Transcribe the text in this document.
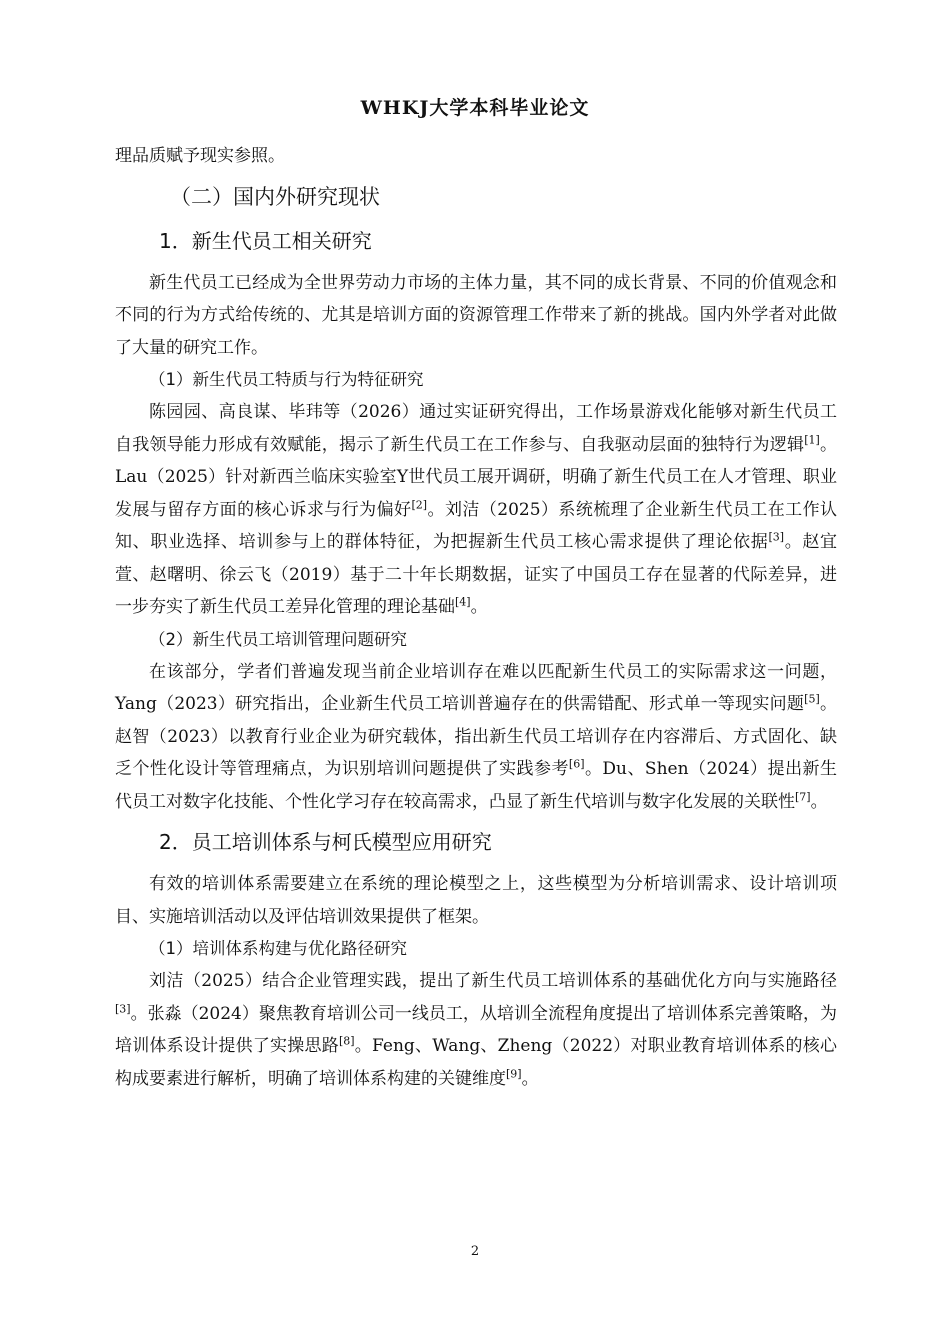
WHKJ大学本科毕业论文

理品质赋予现实参照。

（二）国内外研究现状
1．新生代员工相关研究

新生代员工已经成为全世界劳动力市场的主体力量，其不同的成长背景、不同的价值观念和不同的行为方式给传统的、尤其是培训方面的资源管理工作带来了新的挑战。国内外学者对此做了大量的研究工作。

（1）新生代员工特质与行为特征研究

陈园园、高良谋、毕玮等（2026）通过实证研究得出，工作场景游戏化能够对新生代员工自我领导能力形成有效赋能，揭示了新生代员工在工作参与、自我驱动层面的独特行为逻辑[1]。Lau（2025）针对新西兰临床实验室Y世代员工展开调研，明确了新生代员工在人才管理、职业发展与留存方面的核心诉求与行为偏好[2]。刘洁（2025）系统梳理了企业新生代员工在工作认知、职业选择、培训参与上的群体特征，为把握新生代员工核心需求提供了理论依据[3]。赵宜萱、赵曙明、徐云飞（2019）基于二十年长期数据，证实了中国员工存在显著的代际差异，进一步夯实了新生代员工差异化管理的理论基础[4]。

（2）新生代员工培训管理问题研究

在该部分，学者们普遍发现当前企业培训存在难以匹配新生代员工的实际需求这一问题，Yang（2023）研究指出，企业新生代员工培训普遍存在的供需错配、形式单一等现实问题[5]。赵智（2023）以教育行业企业为研究载体，指出新生代员工培训存在内容滞后、方式固化、缺乏个性化设计等管理痛点，为识别培训问题提供了实践参考[6]。Du、Shen（2024）提出新生代员工对数字化技能、个性化学习存在较高需求，凸显了新生代培训与数字化发展的关联性[7]。

2．员工培训体系与柯氏模型应用研究

有效的培训体系需要建立在系统的理论模型之上，这些模型为分析培训需求、设计培训项目、实施培训活动以及评估培训效果提供了框架。

（1）培训体系构建与优化路径研究

刘洁（2025）结合企业管理实践，提出了新生代员工培训体系的基础优化方向与实施路径[3]。张淼（2024）聚焦教育培训公司一线员工，从培训全流程角度提出了培训体系完善策略，为培训体系设计提供了实操思路[8]。Feng、Wang、Zheng（2022）对职业教育培训体系的核心构成要素进行解析，明确了培训体系构建的关键维度[9]。

2
